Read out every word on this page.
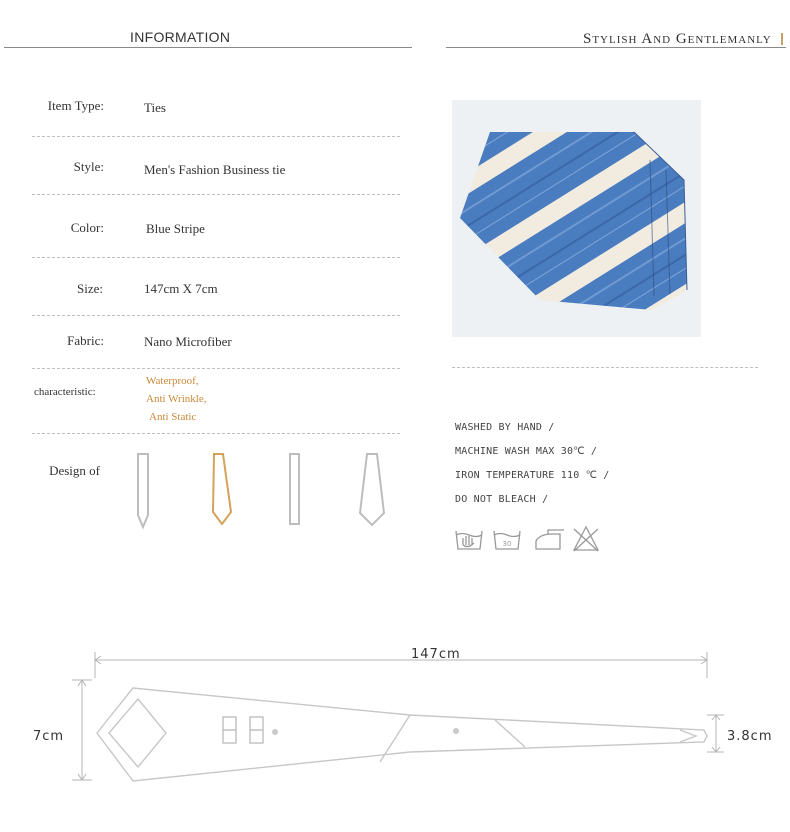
INFORMATION	Stylish And Gentlemanly
Item Type:	Ties
Style:	Men's Fashion Business tie
Color:	Blue Stripe
Size:	147cm X 7cm
Fabric:	Nano Microfiber
characteristic:
Waterproof,
Anti Wrinkle,
Anti Static
Design of
WASHED BY HAND /
MACHINE WASH MAX 30℃ /
IRON TEMPERATURE 110 ℃ /
DO NOT BLEACH /
30
147cm
7cm	3.8cm
